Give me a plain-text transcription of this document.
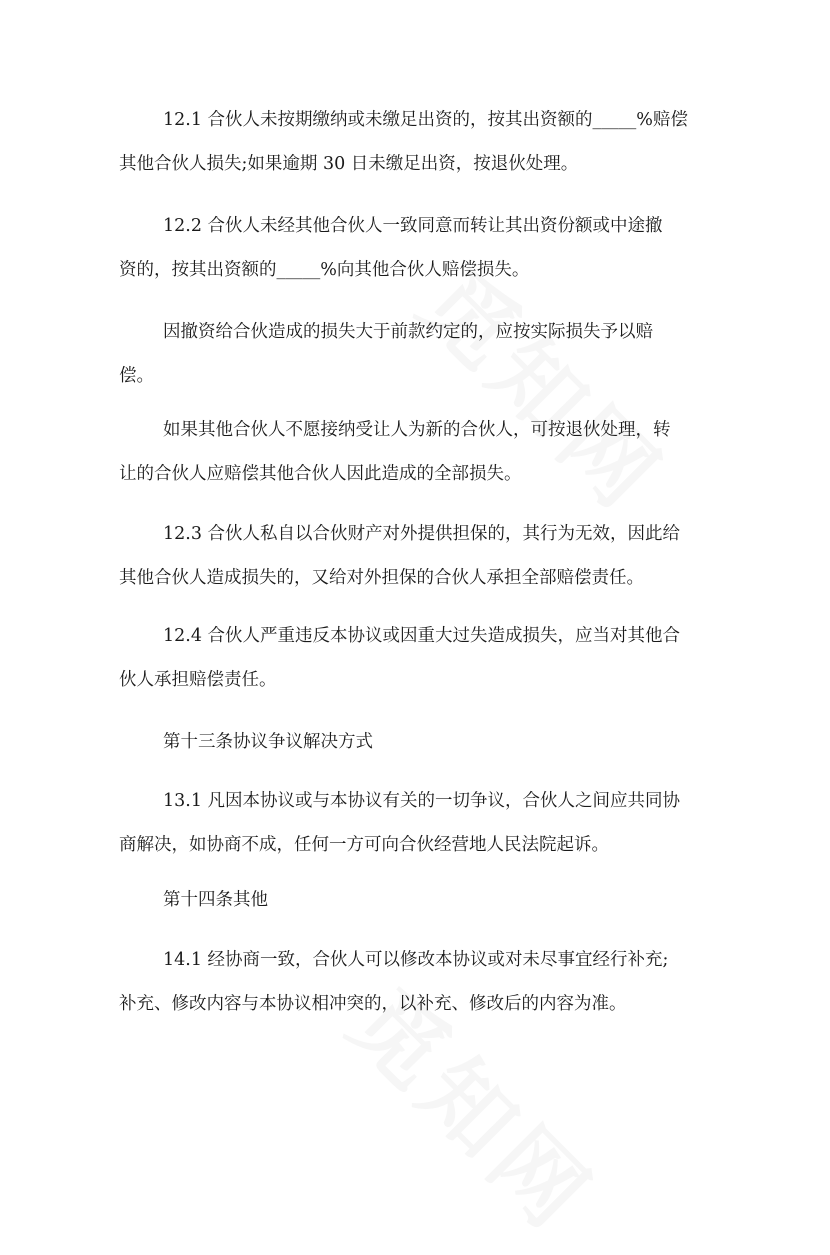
12.1 合伙人未按期缴纳或未缴足出资的，按其出资额的_____%赔偿
其他合伙人损失;如果逾期 30 日未缴足出资，按退伙处理。

12.2 合伙人未经其他合伙人一致同意而转让其出资份额或中途撤
资的，按其出资额的_____%向其他合伙人赔偿损失。

因撤资给合伙造成的损失大于前款约定的，应按实际损失予以赔
偿。

如果其他合伙人不愿接纳受让人为新的合伙人，可按退伙处理，转
让的合伙人应赔偿其他合伙人因此造成的全部损失。

12.3 合伙人私自以合伙财产对外提供担保的，其行为无效，因此给
其他合伙人造成损失的，又给对外担保的合伙人承担全部赔偿责任。

12.4 合伙人严重违反本协议或因重大过失造成损失，应当对其他合
伙人承担赔偿责任。

第十三条协议争议解决方式

13.1 凡因本协议或与本协议有关的一切争议，合伙人之间应共同协
商解决，如协商不成，任何一方可向合伙经营地人民法院起诉。

第十四条其他

14.1 经协商一致，合伙人可以修改本协议或对未尽事宜经行补充;
补充、修改内容与本协议相冲突的，以补充、修改后的内容为准。
